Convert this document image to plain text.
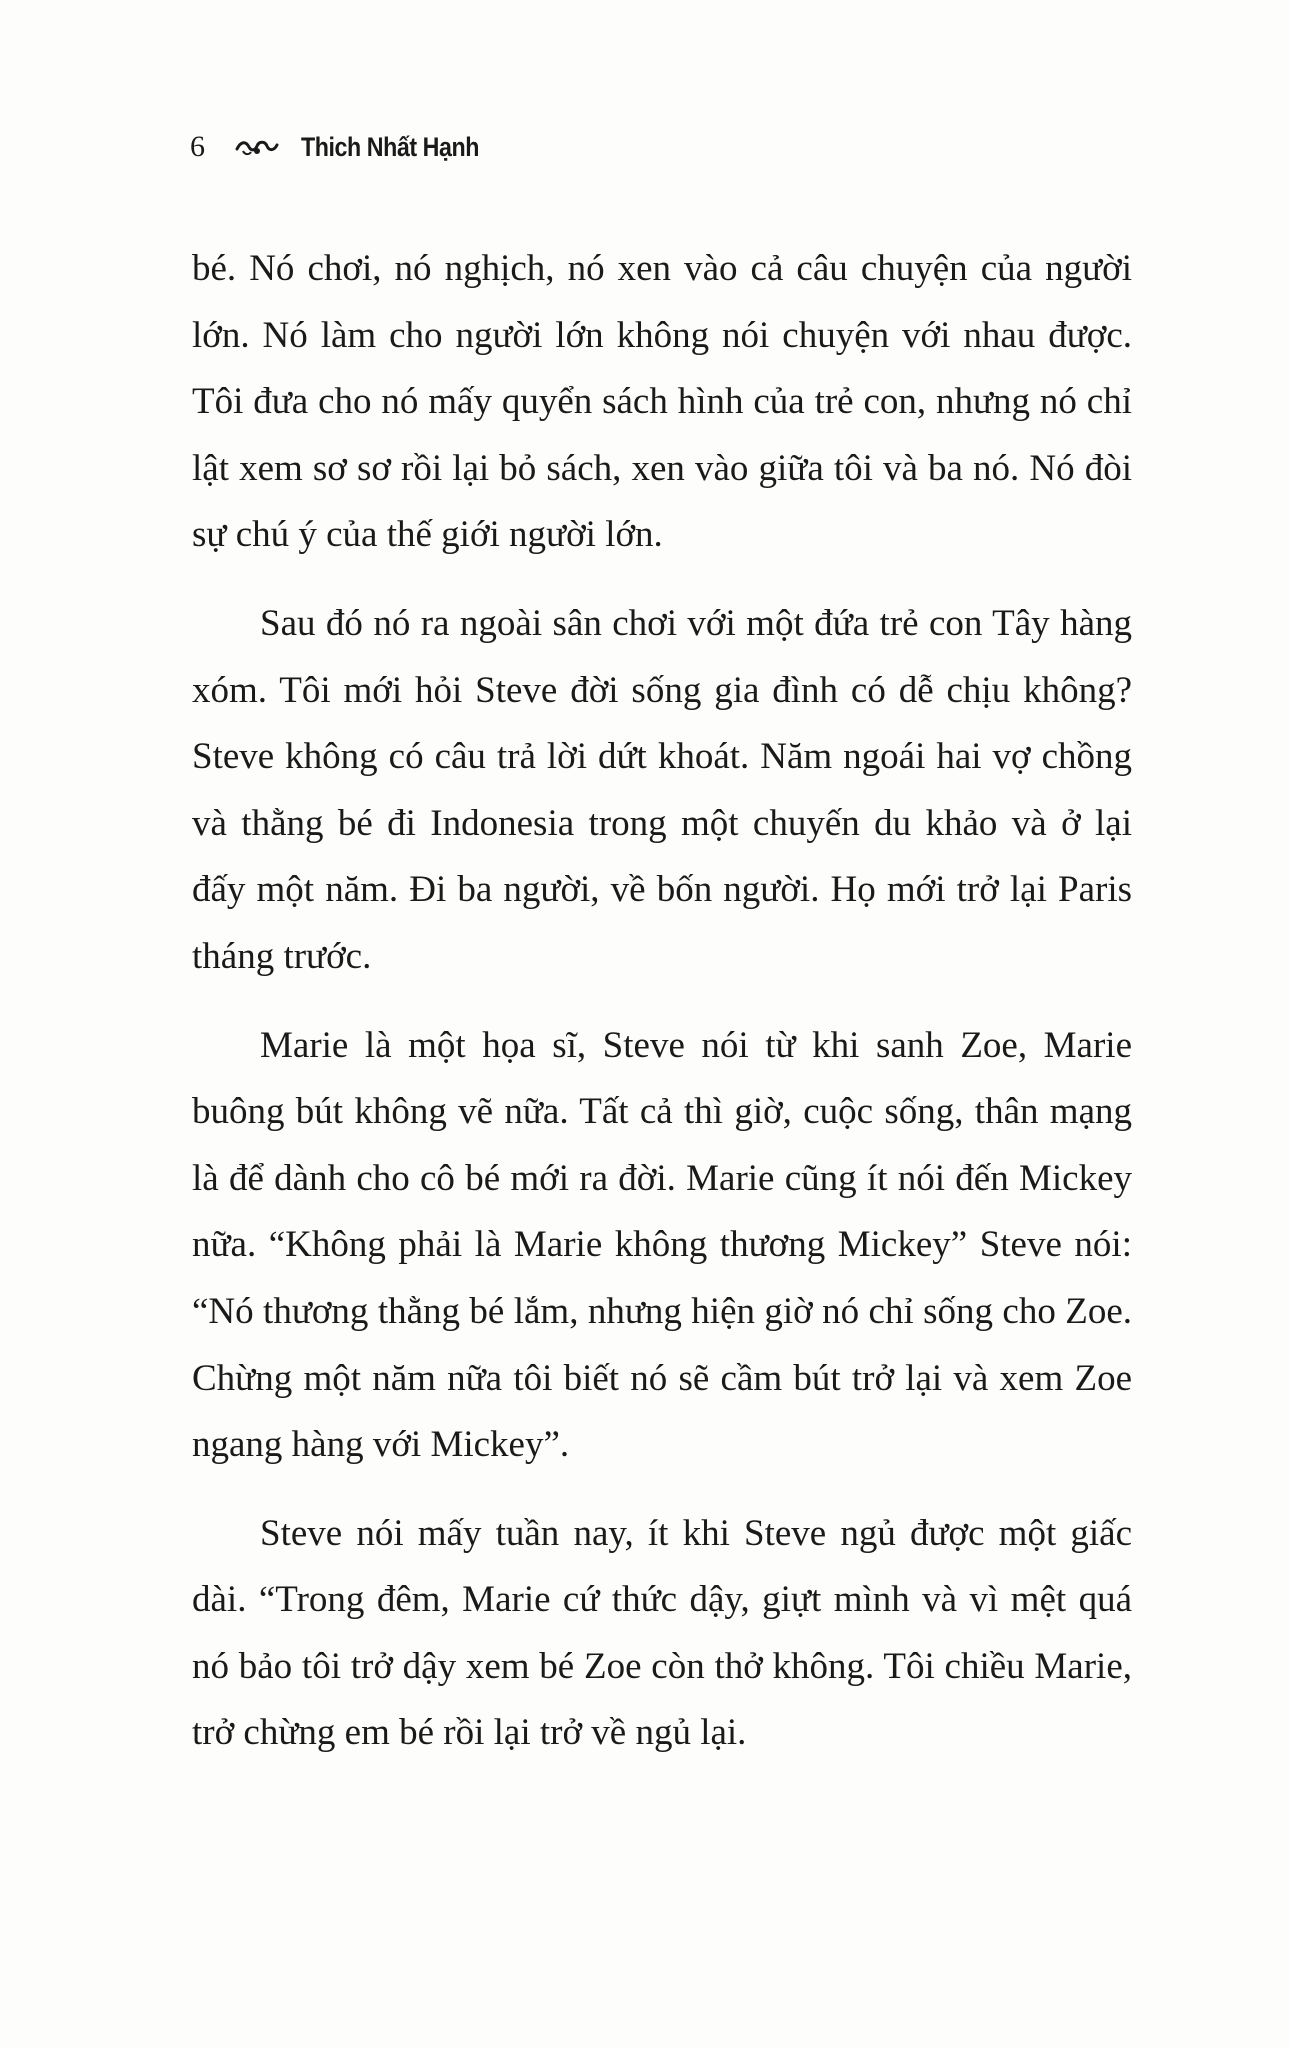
6	Thich Nhất Hạnh

bé. Nó chơi, nó nghịch, nó xen vào cả câu chuyện của người lớn. Nó làm cho người lớn không nói chuyện với nhau được. Tôi đưa cho nó mấy quyển sách hình của trẻ con, nhưng nó chỉ lật xem sơ sơ rồi lại bỏ sách, xen vào giữa tôi và ba nó. Nó đòi sự chú ý của thế giới người lớn.

Sau đó nó ra ngoài sân chơi với một đứa trẻ con Tây hàng xóm. Tôi mới hỏi Steve đời sống gia đình có dễ chịu không? Steve không có câu trả lời dứt khoát. Năm ngoái hai vợ chồng và thằng bé đi Indonesia trong một chuyến du khảo và ở lại đấy một năm. Đi ba người, về bốn người. Họ mới trở lại Paris tháng trước.

Marie là một họa sĩ, Steve nói từ khi sanh Zoe, Marie buông bút không vẽ nữa. Tất cả thì giờ, cuộc sống, thân mạng là để dành cho cô bé mới ra đời. Marie cũng ít nói đến Mickey nữa. “Không phải là Marie không thương Mickey” Steve nói: “Nó thương thằng bé lắm, nhưng hiện giờ nó chỉ sống cho Zoe. Chừng một năm nữa tôi biết nó sẽ cầm bút trở lại và xem Zoe ngang hàng với Mickey”.

Steve nói mấy tuần nay, ít khi Steve ngủ được một giấc dài. “Trong đêm, Marie cứ thức dậy, giựt mình và vì mệt quá nó bảo tôi trở dậy xem bé Zoe còn thở không. Tôi chiều Marie, trở chừng em bé rồi lại trở về ngủ lại.
